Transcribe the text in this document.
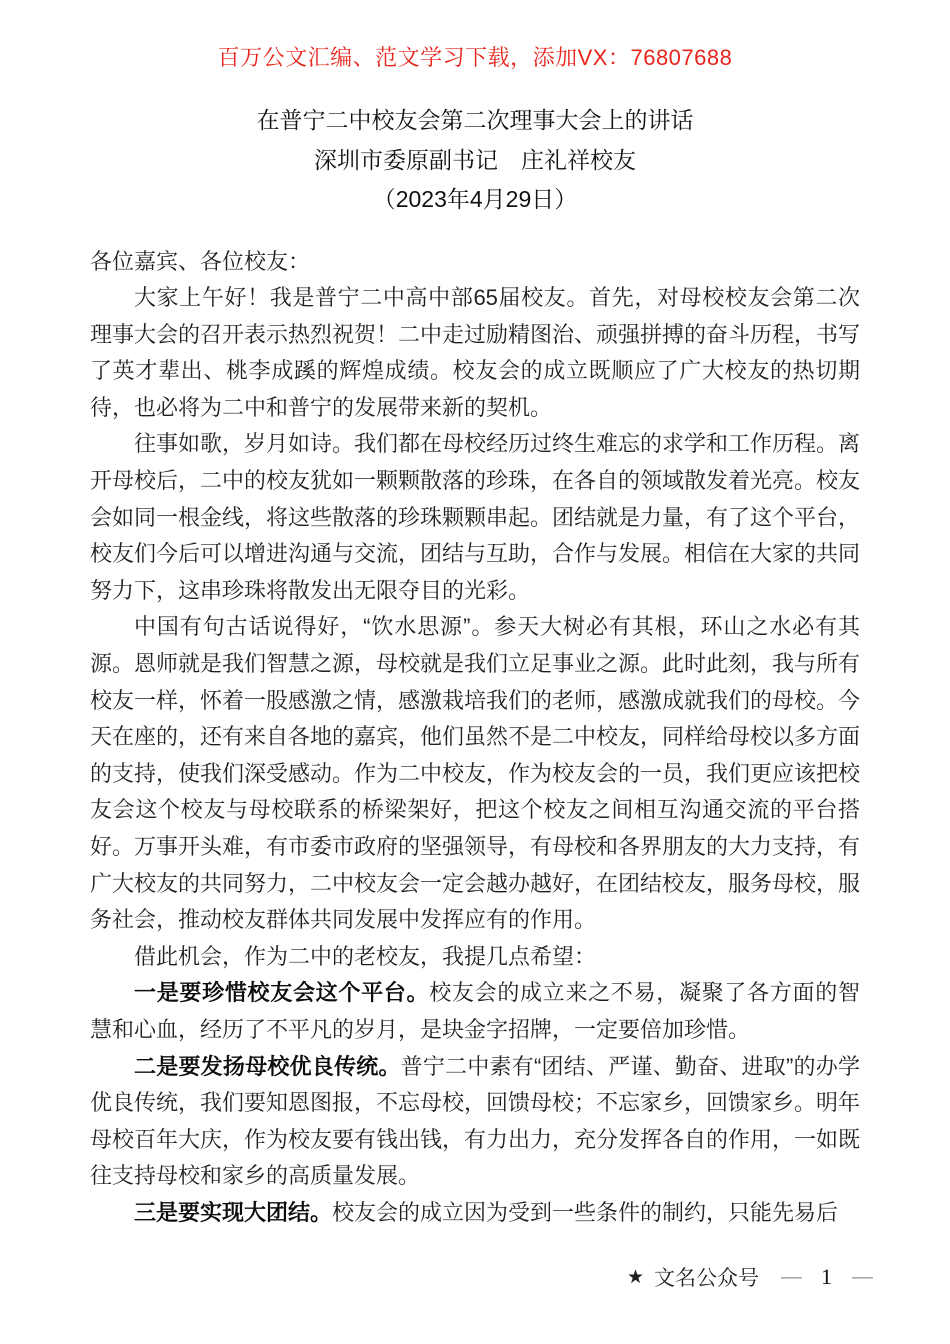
百万公文汇编、范文学习下载，添加VX：76807688
在普宁二中校友会第二次理事大会上的讲话
深圳市委原副书记　庄礼祥校友
（2023年4月29日）

各位嘉宾、各位校友：

大家上午好！我是普宁二中高中部65届校友。首先，对母校校友会第二次理事大会的召开表示热烈祝贺！二中走过励精图治、顽强拼搏的奋斗历程，书写了英才辈出、桃李成蹊的辉煌成绩。校友会的成立既顺应了广大校友的热切期待，也必将为二中和普宁的发展带来新的契机。

往事如歌，岁月如诗。我们都在母校经历过终生难忘的求学和工作历程。离开母校后，二中的校友犹如一颗颗散落的珍珠，在各自的领域散发着光亮。校友会如同一根金线，将这些散落的珍珠颗颗串起。团结就是力量，有了这个平台，校友们今后可以增进沟通与交流，团结与互助，合作与发展。相信在大家的共同努力下，这串珍珠将散发出无限夺目的光彩。

中国有句古话说得好，“饮水思源”。参天大树必有其根，环山之水必有其源。恩师就是我们智慧之源，母校就是我们立足事业之源。此时此刻，我与所有校友一样，怀着一股感激之情，感激栽培我们的老师，感激成就我们的母校。今天在座的，还有来自各地的嘉宾，他们虽然不是二中校友，同样给母校以多方面的支持，使我们深受感动。作为二中校友，作为校友会的一员，我们更应该把校友会这个校友与母校联系的桥梁架好，把这个校友之间相互沟通交流的平台搭好。万事开头难，有市委市政府的坚强领导，有母校和各界朋友的大力支持，有广大校友的共同努力，二中校友会一定会越办越好，在团结校友，服务母校，服务社会，推动校友群体共同发展中发挥应有的作用。

借此机会，作为二中的老校友，我提几点希望：

一是要珍惜校友会这个平台。校友会的成立来之不易，凝聚了各方面的智慧和心血，经历了不平凡的岁月，是块金字招牌，一定要倍加珍惜。

二是要发扬母校优良传统。普宁二中素有“团结、严谨、勤奋、进取”的办学优良传统，我们要知恩图报，不忘母校，回馈母校；不忘家乡，回馈家乡。明年母校百年大庆，作为校友要有钱出钱，有力出力，充分发挥各自的作用，一如既往支持母校和家乡的高质量发展。

三是要实现大团结。校友会的成立因为受到一些条件的制约，只能先易后

★ 文名公众号 — 1 —
